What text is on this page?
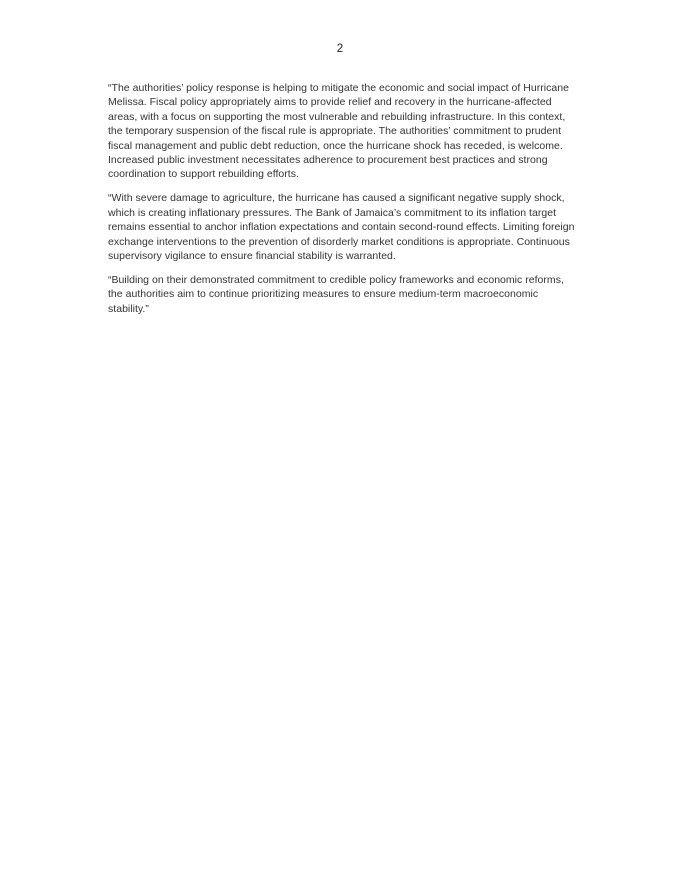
2

“The authorities’ policy response is helping to mitigate the economic and social impact of Hurricane Melissa. Fiscal policy appropriately aims to provide relief and recovery in the hurricane-affected areas, with a focus on supporting the most vulnerable and rebuilding infrastructure. In this context, the temporary suspension of the fiscal rule is appropriate. The authorities’ commitment to prudent fiscal management and public debt reduction, once the hurricane shock has receded, is welcome. Increased public investment necessitates adherence to procurement best practices and strong coordination to support rebuilding efforts.

“With severe damage to agriculture, the hurricane has caused a significant negative supply shock, which is creating inflationary pressures. The Bank of Jamaica’s commitment to its inflation target remains essential to anchor inflation expectations and contain second-round effects. Limiting foreign exchange interventions to the prevention of disorderly market conditions is appropriate. Continuous supervisory vigilance to ensure financial stability is warranted.

“Building on their demonstrated commitment to credible policy frameworks and economic reforms, the authorities aim to continue prioritizing measures to ensure medium-term macroeconomic stability.”
